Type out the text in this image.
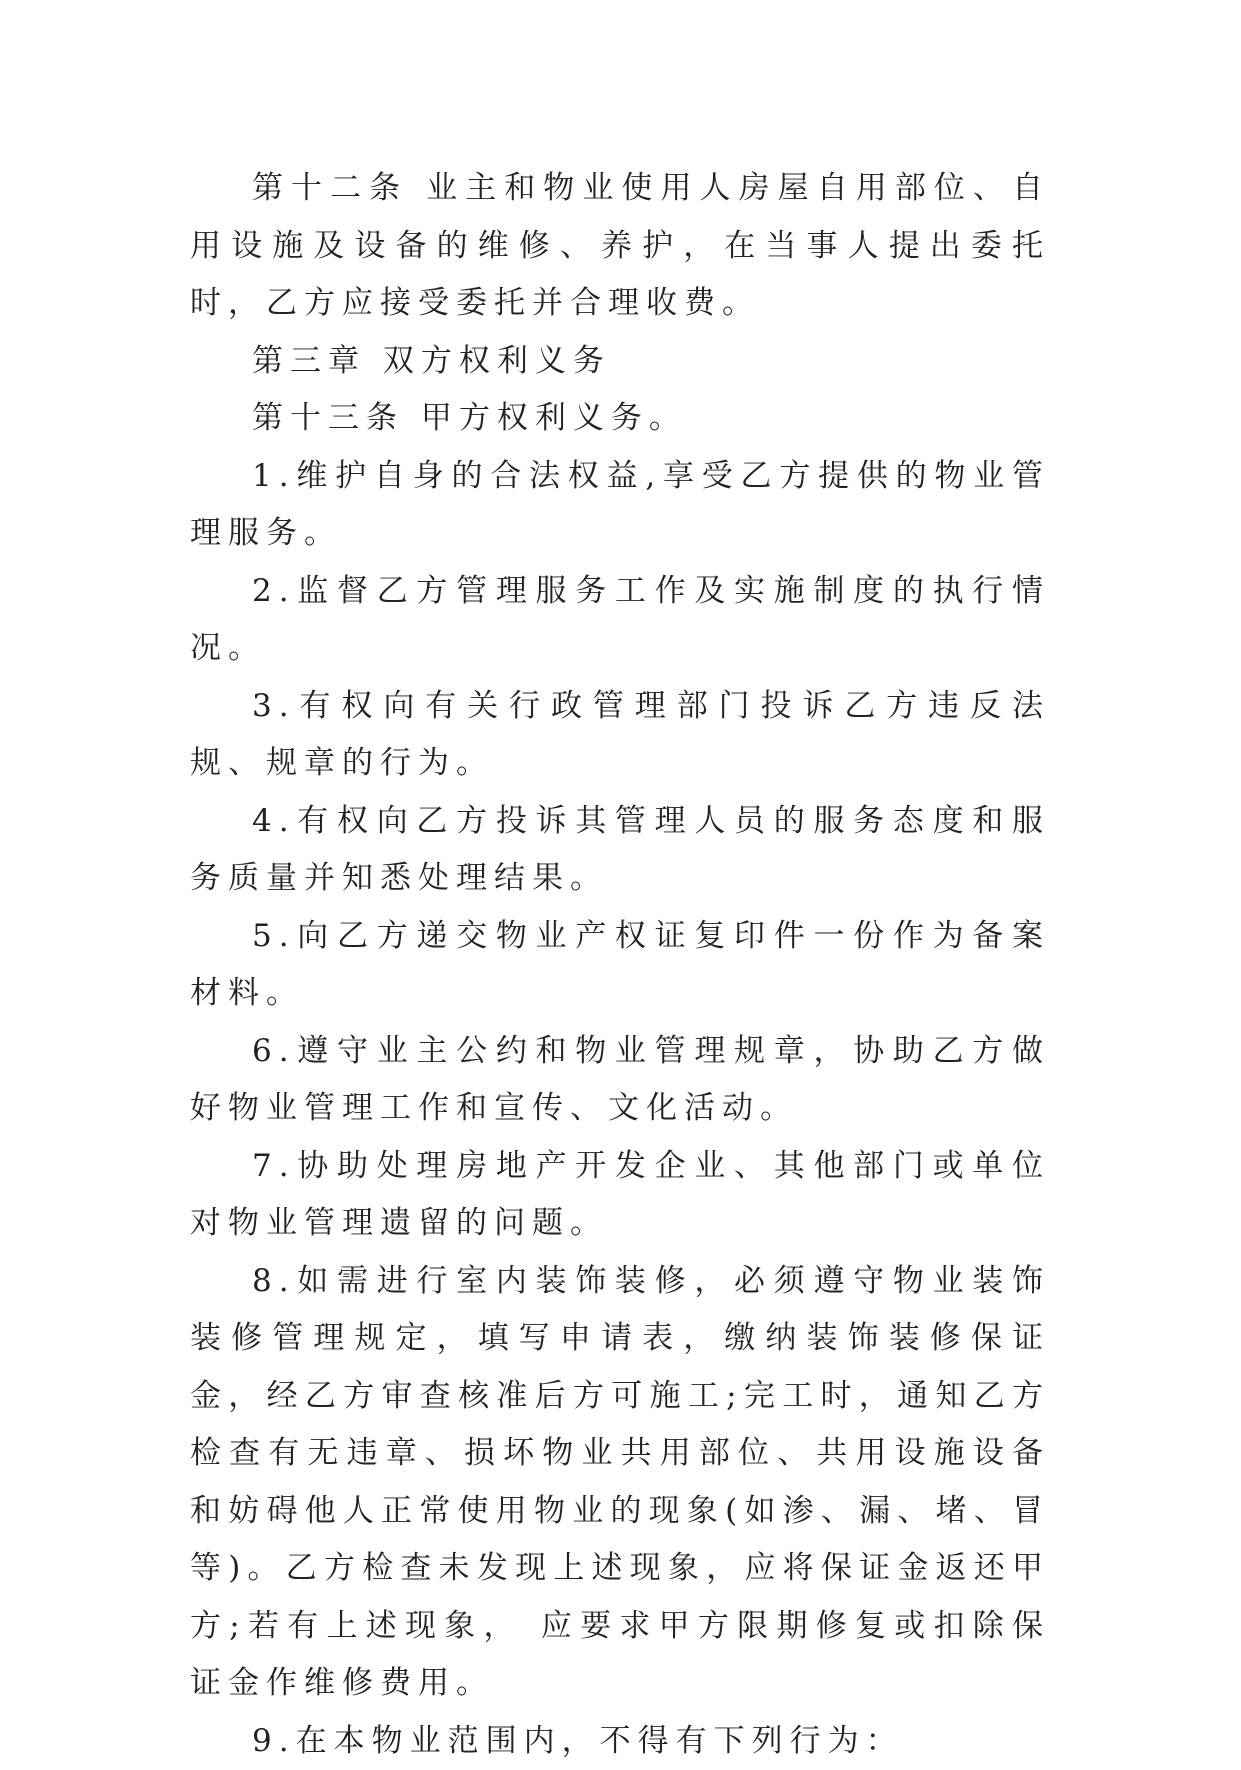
第十二条 业主和物业使用人房屋自用部位、自用设施及设备的维修、养护，在当事人提出委托时，乙方应接受委托并合理收费。

第三章 双方权利义务

第十三条 甲方权利义务。

1.维护自身的合法权益,享受乙方提供的物业管理服务。

2.监督乙方管理服务工作及实施制度的执行情况。

3.有权向有关行政管理部门投诉乙方违反法规、规章的行为。

4.有权向乙方投诉其管理人员的服务态度和服务质量并知悉处理结果。

5.向乙方递交物业产权证复印件一份作为备案材料。

6.遵守业主公约和物业管理规章，协助乙方做好物业管理工作和宣传、文化活动。

7.协助处理房地产开发企业、其他部门或单位对物业管理遗留的问题。

8.如需进行室内装饰装修，必须遵守物业装饰装修管理规定，填写申请表，缴纳装饰装修保证金，经乙方审查核准后方可施工;完工时，通知乙方检查有无违章、损坏物业共用部位、共用设施设备和妨碍他人正常使用物业的现象(如渗、漏、堵、冒等)。乙方检查未发现上述现象，应将保证金返还甲方;若有上述现象， 应要求甲方限期修复或扣除保证金作维修费用。

9.在本物业范围内，不得有下列行为：
